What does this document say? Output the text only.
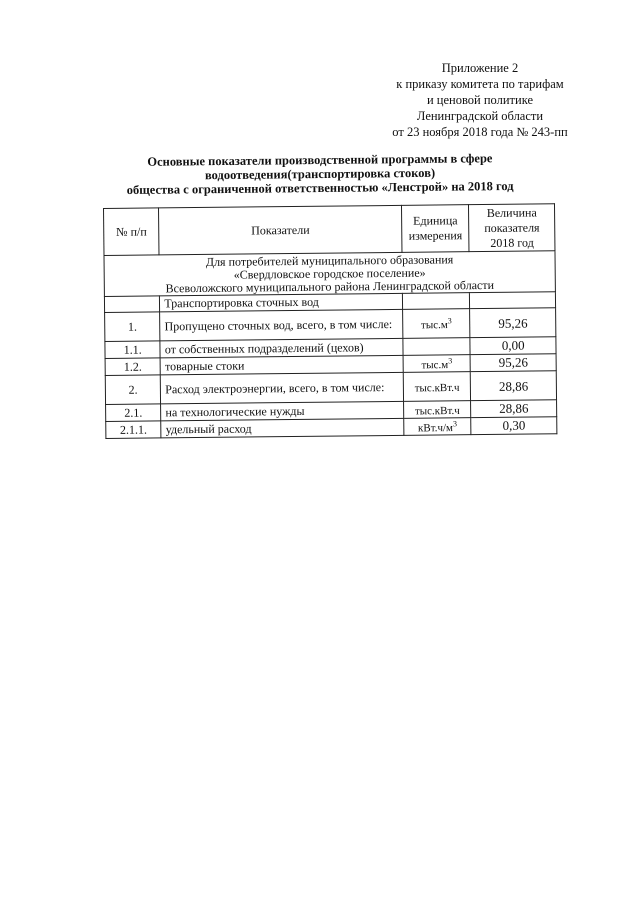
Приложение 2
к приказу комитета по тарифам
и ценовой политике
Ленинградской области
от 23 ноября 2018 года № 243-пп
Основные показатели производственной программы в сфере
водоотведения(транспортировка стоков)
общества с ограниченной ответственностью «Ленстрой» на 2018 год
№ п/п	Показатели	Единица измерения	Величина показателя 2018 год

Для потребителей муниципального образования
«Свердловское городское поселение»
Всеволожского муниципального района Ленинградской области			

	Транспортировка сточных вод		
1.	Пропущено сточных вод, всего, в том числе:	$тыс.м^3$	95,26
1.1.	от собственных подразделений (цехов)		0,00
1.2.	товарные стоки	$тыс.м^3$	95,26
2.	Расход электроэнергии, всего, в том числе:	тыс.кВт.ч	28,86
2.1.	на технологические нужды	тыс.кВт.ч	28,86
2.1.1.	удельный расход	$кВт.ч/м^3$	0,30
